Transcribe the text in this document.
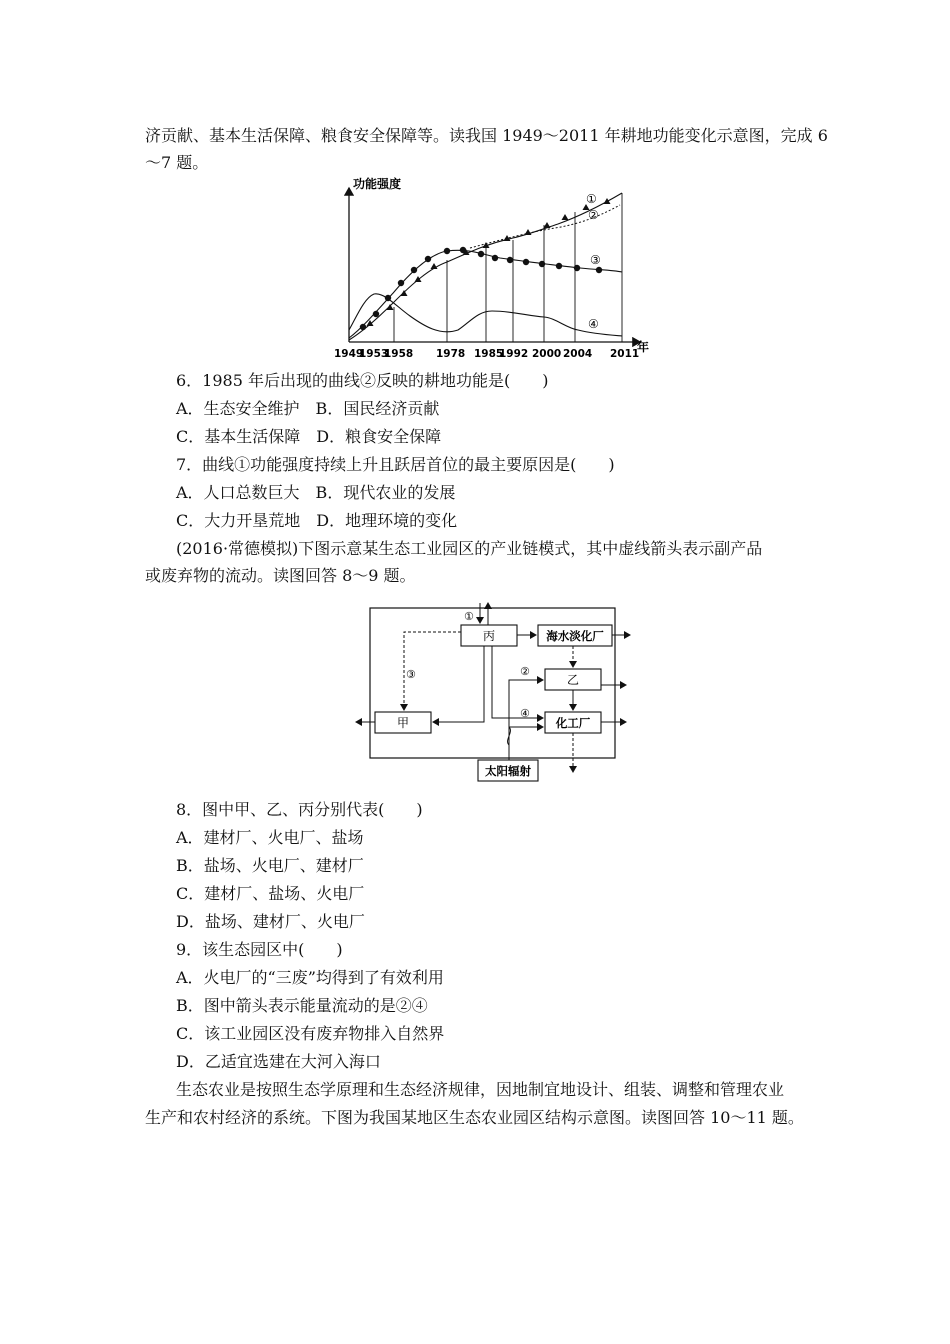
济贡献、基本生活保障、粮食安全保障等。读我国 1949～2011 年耕地功能变化示意图，完成 6
～7 题。
功能强度
年
①
②
③
④
1949
1953
1958 1978 1985
1992 2000 2004 2011
6．1985 年后出现的曲线②反映的耕地功能是(　　)
A．生态安全维护　B．国民经济贡献
C．基本生活保障　D．粮食安全保障
7．曲线①功能强度持续上升且跃居首位的最主要原因是(　　)
A．人口总数巨大　B．现代农业的发展
C．大力开垦荒地　D．地理环境的变化
(2016·常德模拟)下图示意某生态工业园区的产业链模式，其中虚线箭头表示副产品
或废弃物的流动。读图回答 8～9 题。
丙	海水淡化厂
乙
甲	化工厂
太阳辐射
①
②
③
④
8．图中甲、乙、丙分别代表(　　)
A．建材厂、火电厂、盐场
B．盐场、火电厂、建材厂
C．建材厂、盐场、火电厂
D．盐场、建材厂、火电厂
9．该生态园区中(　　)
A．火电厂的“三废”均得到了有效利用
B．图中箭头表示能量流动的是②④
C．该工业园区没有废弃物排入自然界
D．乙适宜选建在大河入海口
生态农业是按照生态学原理和生态经济规律，因地制宜地设计、组装、调整和管理农业
生产和农村经济的系统。下图为我国某地区生态农业园区结构示意图。读图回答 10～11 题。
